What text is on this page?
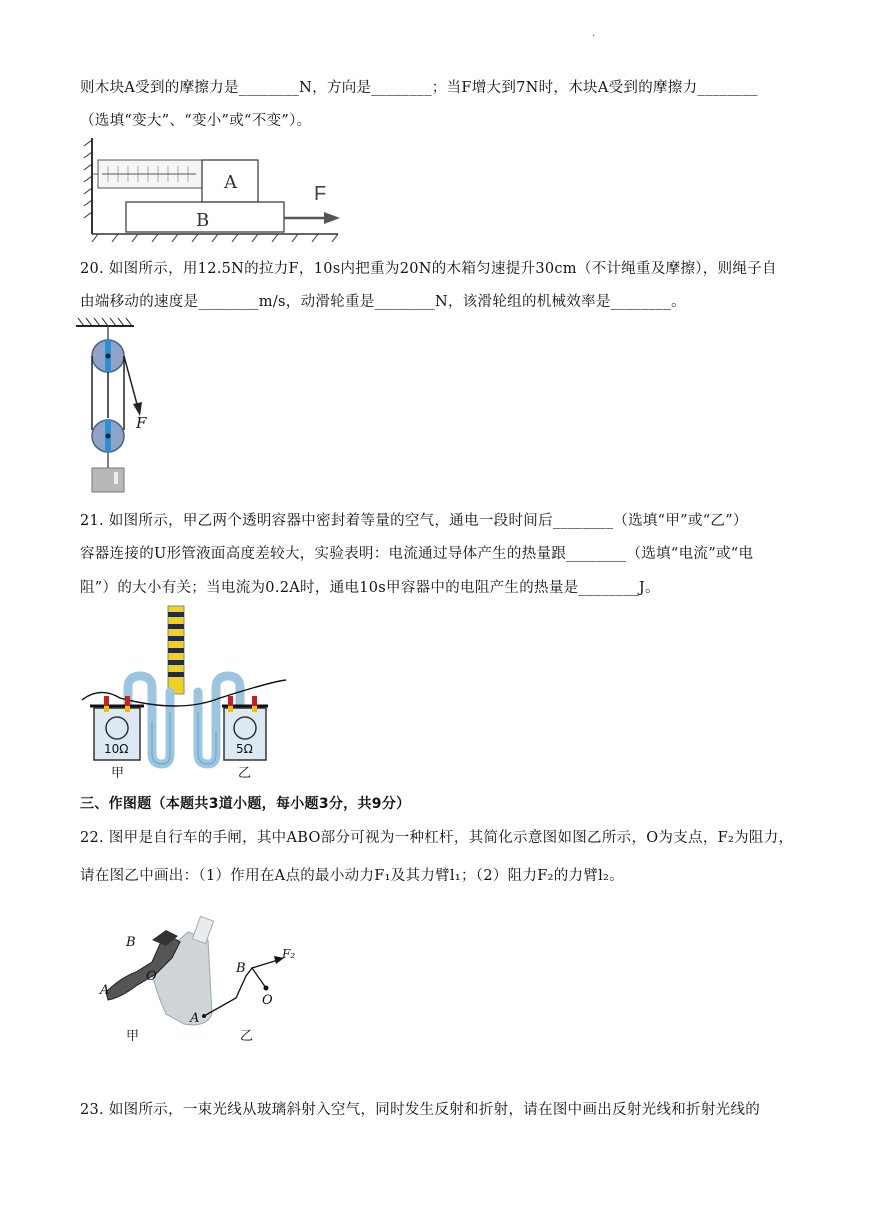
.
则木块A受到的摩擦力是________N，方向是________；当F增大到7N时，木块A受到的摩擦力________
（选填“变大”、“变小”或“不变”）。
A
B
F
20. 如图所示，用12.5N的拉力F，10s内把重为20N的木箱匀速提升30cm（不计绳重及摩擦），则绳子自
由端移动的速度是________m/s，动滑轮重是________N，该滑轮组的机械效率是________。
F
21. 如图所示，甲乙两个透明容器中密封着等量的空气，通电一段时间后________（选填“甲”或“乙”）
容器连接的U形管液面高度差较大，实验表明：电流通过导体产生的热量跟________（选填“电流”或“电
阻”）的大小有关；当电流为0.2A时，通电10s甲容器中的电阻产生的热量是________J。
10Ω	5Ω
甲	乙
三、作图题（本题共3道小题，每小题3分，共9分）
22. 图甲是自行车的手闸，其中ABO部分可视为一种杠杆，其简化示意图如图乙所示，O为支点，F₂为阻力，
请在图乙中画出：（1）作用在A点的最小动力F₁及其力臂l₁；（2）阻力F₂的力臂l₂。
B
O
A
甲
B
O
A
F₂
乙
23. 如图所示，一束光线从玻璃斜射入空气，同时发生反射和折射，请在图中画出反射光线和折射光线的
